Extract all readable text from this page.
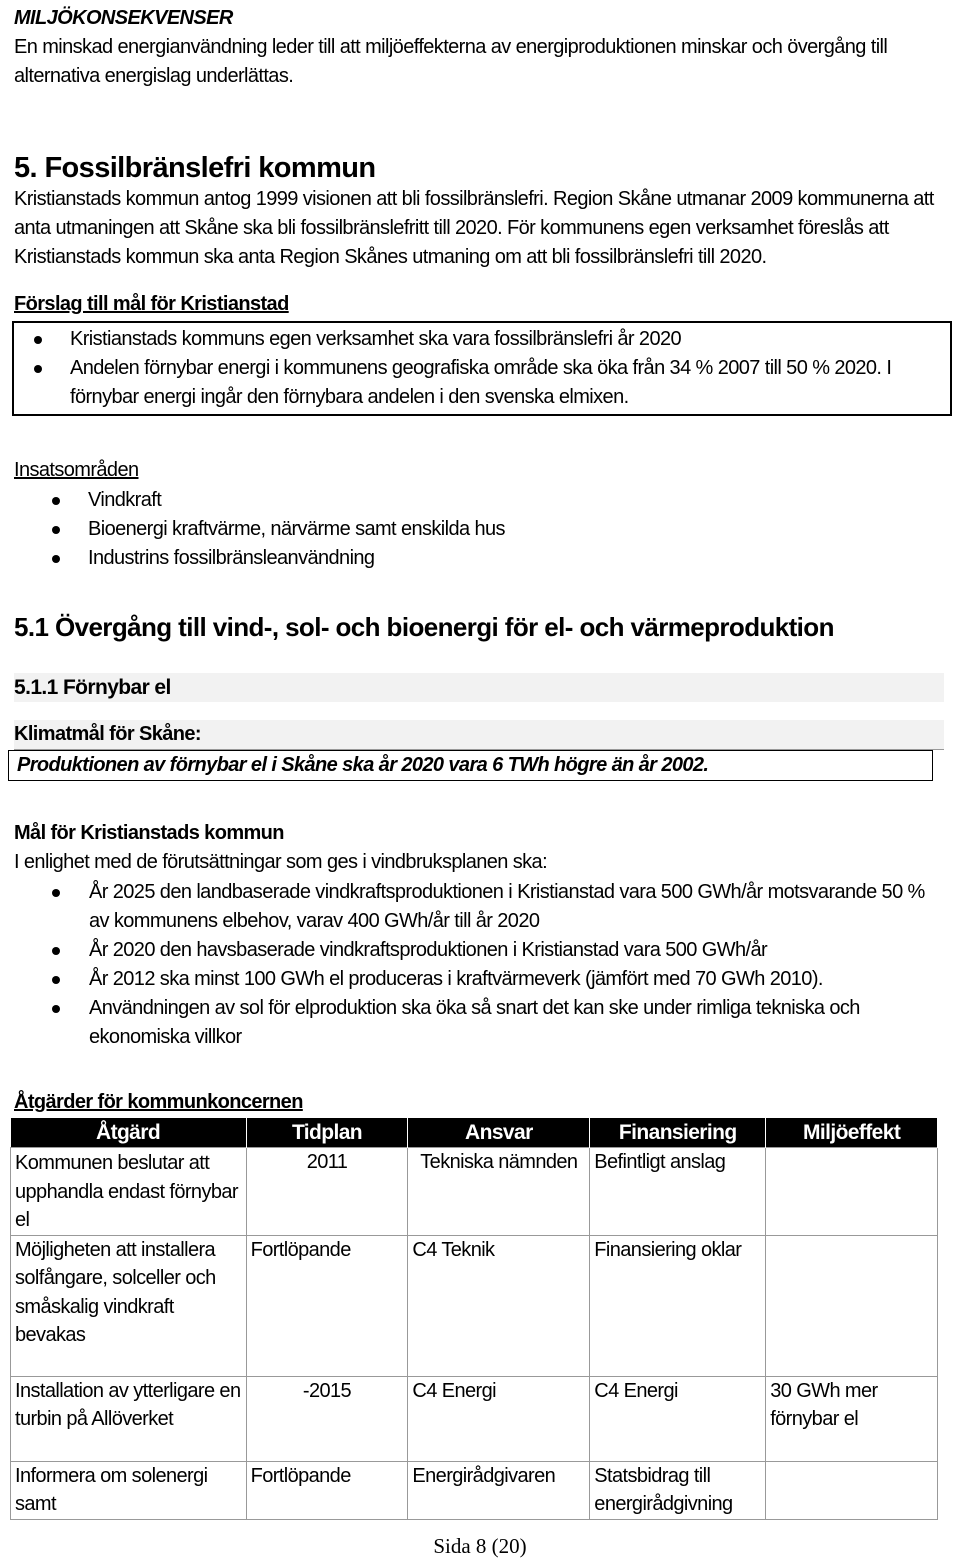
MILJÖKONSEKVENSER

En minskad energianvändning leder till att miljöeffekterna av energiproduktionen minskar och övergång till alternativa energislag underlättas.

5. Fossilbränslefri kommun

Kristianstads kommun antog 1999 visionen att bli fossilbränslefri. Region Skåne utmanar 2009 kommunerna att anta utmaningen att Skåne ska bli fossilbränslefritt till 2020. För kommunens egen verksamhet föreslås att Kristianstads kommun ska anta Region Skånes utmaning om att bli fossilbränslefri till 2020.

Förslag till mål för Kristianstad

Kristianstads kommuns egen verksamhet ska vara fossilbränslefri år 2020
Andelen förnybar energi i kommunens geografiska område ska öka från 34 % 2007 till 50 % 2020. I förnybar energi ingår den förnybara andelen i den svenska elmixen.

Insatsområden

Vindkraft
Bioenergi kraftvärme, närvärme samt enskilda hus
Industrins fossilbränsleanvändning

5.1 Övergång till vind-, sol- och bioenergi för el- och värmeproduktion

5.1.1 Förnybar el

Klimatmål för Skåne:

Produktionen av förnybar el i Skåne ska år 2020 vara 6 TWh högre än år 2002.

Mål för Kristianstads kommun

I enlighet med de förutsättningar som ges i vindbruksplanen ska:

År 2025 den landbaserade vindkraftsproduktionen i Kristianstad vara 500 GWh/år motsvarande 50 % av kommunens elbehov, varav 400 GWh/år till år 2020
År 2020 den havsbaserade vindkraftsproduktionen i Kristianstad vara 500 GWh/år
År 2012 ska minst 100 GWh el produceras i kraftvärmeverk (jämfört med 70 GWh 2010).
Användningen av sol för elproduktion ska öka så snart det kan ske under rimliga tekniska och ekonomiska villkor

Åtgärder för kommunkoncernen

Åtgärd	Tidplan	Ansvar	Finansiering	Miljöeffekt
Kommunen beslutar att upphandla endast förnybar el	2011	Tekniska nämnden	Befintligt anslag	
Möjligheten att installera solfångare, solceller och småskalig vindkraft bevakas	Fortlöpande	C4 Teknik	Finansiering oklar	
Installation av ytterligare en turbin på Allöverket	-2015	C4 Energi	C4 Energi	30 GWh mer förnybar el
Informera om solenergi samt	Fortlöpande	Energirådgivaren	Statsbidrag till energirådgivning	
Sida 8 (20)
